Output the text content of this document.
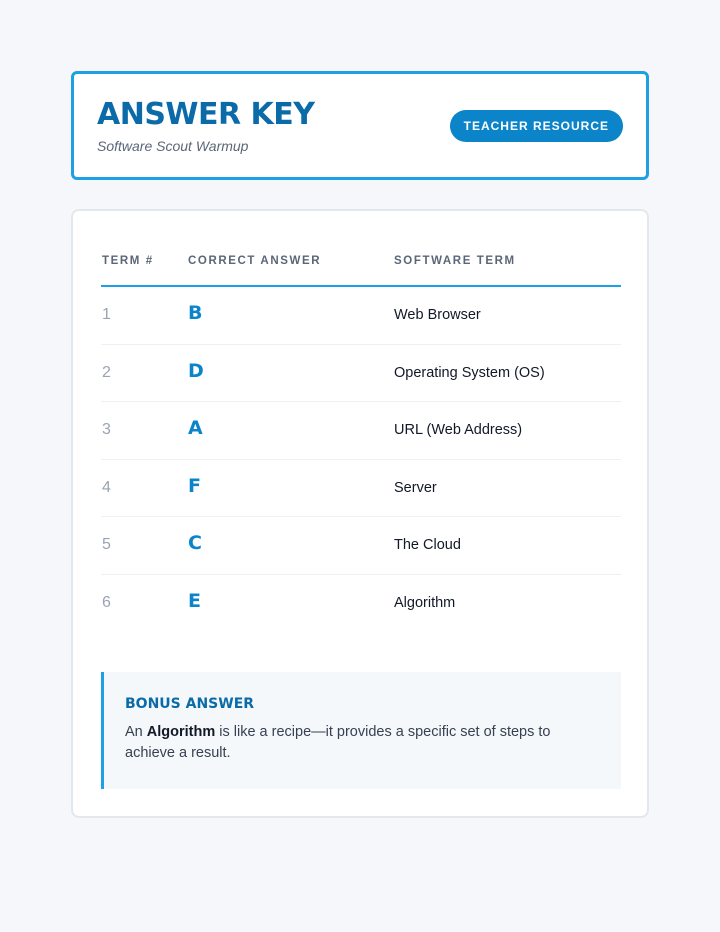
ANSWER KEY
Software Scout Warmup
TEACHER RESOURCE
TERM #	CORRECT ANSWER	SOFTWARE TERM
1	B	Web Browser
2	D	Operating System (OS)
3	A	URL (Web Address)
4	F	Server
5	C	The Cloud
6	E	Algorithm
BONUS ANSWER
An Algorithm is like a recipe—it provides a specific set of steps to achieve a result.
